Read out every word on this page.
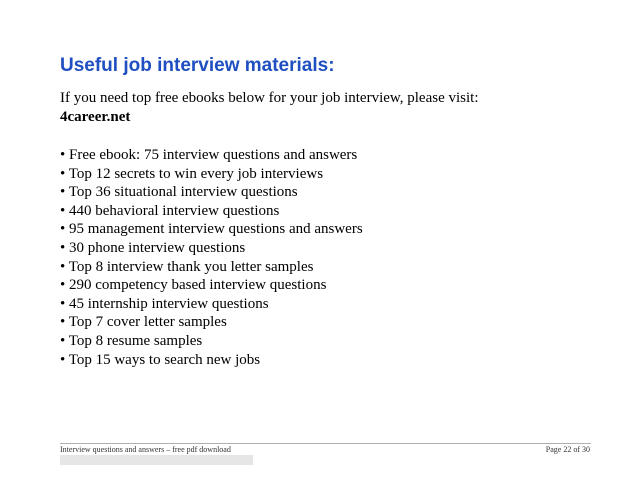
Useful job interview materials:
If you need top free ebooks below for your job interview, please visit:
4career.net
• Free ebook: 75 interview questions and answers
• Top 12 secrets to win every job interviews
• Top 36 situational interview questions
• 440 behavioral interview questions
• 95 management interview questions and answers
• 30 phone interview questions
• Top 8 interview thank you letter samples
• 290 competency based interview questions
• 45 internship interview questions
• Top 7 cover letter samples
• Top 8 resume samples
• Top 15 ways to search new jobs
Interview questions and answers – free pdf download	Page 22 of 30
